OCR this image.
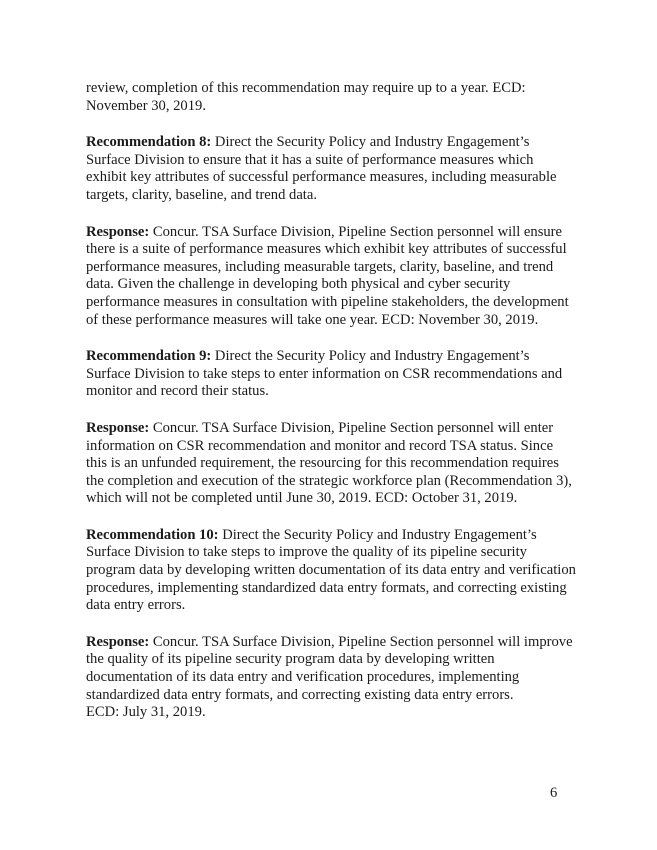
review, completion of this recommendation may require up to a year. ECD: November 30, 2019.

Recommendation 8: Direct the Security Policy and Industry Engagement’s Surface Division to ensure that it has a suite of performance measures which exhibit key attributes of successful performance measures, including measurable targets, clarity, baseline, and trend data.

Response: Concur. TSA Surface Division, Pipeline Section personnel will ensure there is a suite of performance measures which exhibit key attributes of successful performance measures, including measurable targets, clarity, baseline, and trend data. Given the challenge in developing both physical and cyber security performance measures in consultation with pipeline stakeholders, the development of these performance measures will take one year. ECD: November 30, 2019.

Recommendation 9: Direct the Security Policy and Industry Engagement’s Surface Division to take steps to enter information on CSR recommendations and monitor and record their status.

Response: Concur. TSA Surface Division, Pipeline Section personnel will enter information on CSR recommendation and monitor and record TSA status. Since this is an unfunded requirement, the resourcing for this recommendation requires the completion and execution of the strategic workforce plan (Recommendation 3), which will not be completed until June 30, 2019. ECD: October 31, 2019.

Recommendation 10: Direct the Security Policy and Industry Engagement’s Surface Division to take steps to improve the quality of its pipeline security program data by developing written documentation of its data entry and verification procedures, implementing standardized data entry formats, and correcting existing data entry errors.

Response: Concur. TSA Surface Division, Pipeline Section personnel will improve the quality of its pipeline security program data by developing written documentation of its data entry and verification procedures, implementing standardized data entry formats, and correcting existing data entry errors.
ECD: July 31, 2019.

6
